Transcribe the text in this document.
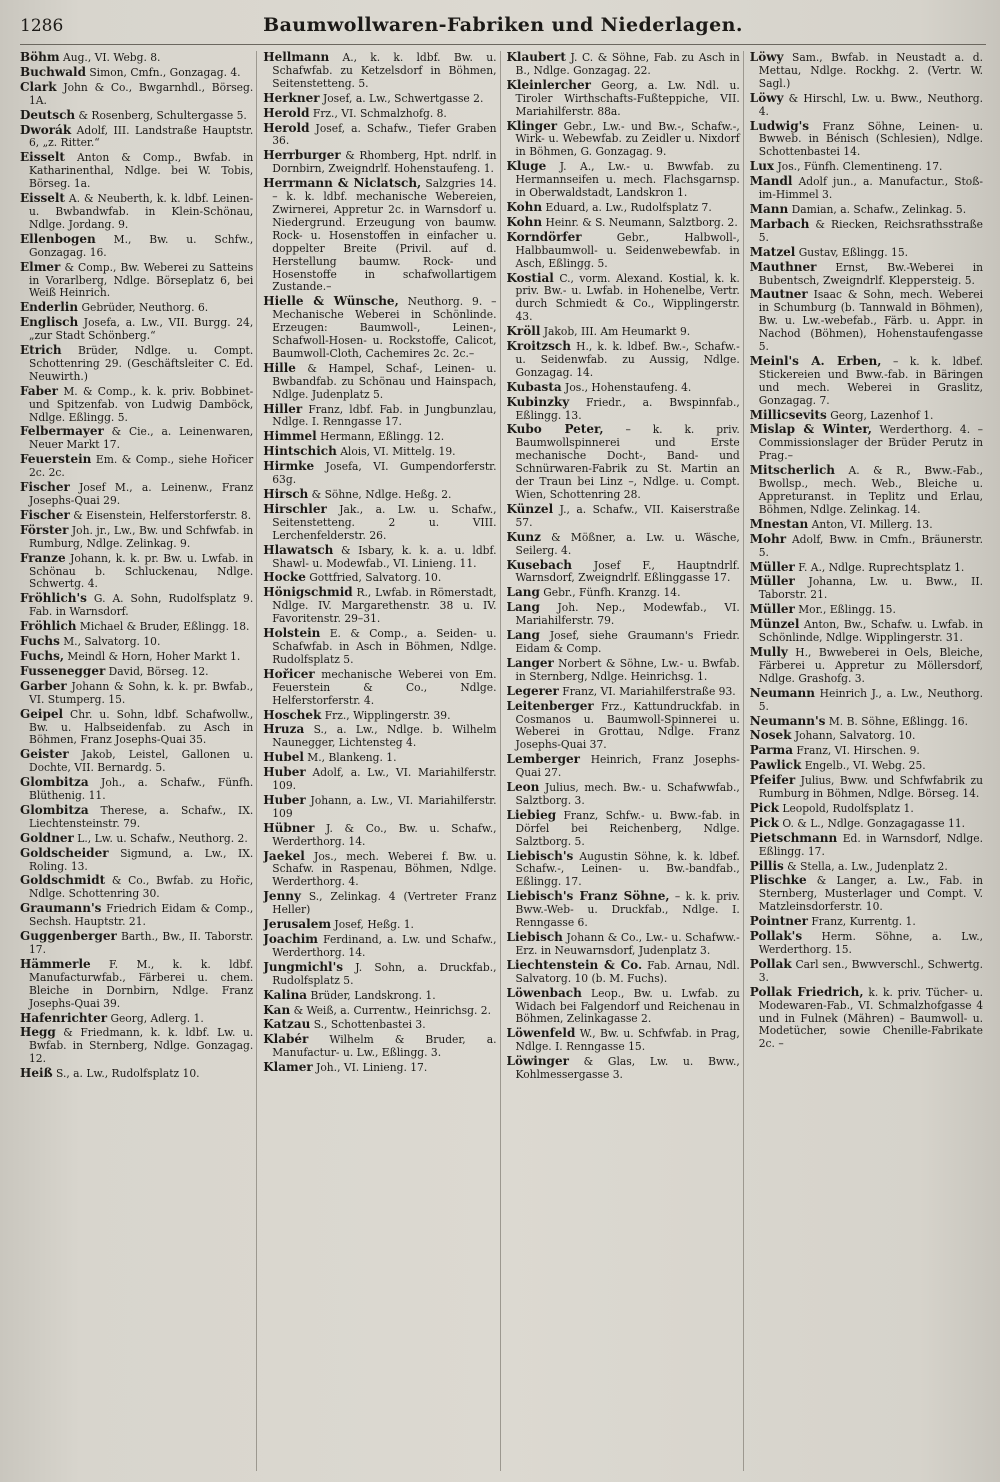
1286	Baumwollwaren-Fabriken und Niederlagen.

Böhm Aug., VI. Webg. 8.

Buchwald Simon, Cmfn., Gonzagag. 4.

Clark John & Co., Bwgarnhdl., Börseg. 1A.

Deutsch & Rosenberg, Schultergasse 5.

Dworák Adolf, III. Landstraße Hauptstr. 6, „z. Ritter.“

Eisselt Anton & Comp., Bwfab. in Katharinenthal, Ndlge. bei W. Tobis, Börseg. 1a.

Eisselt A. & Neuberth, k. k. ldbf. Leinen- u. Bwbandwfab. in Klein-Schönau, Ndlge. Jordang. 9.

Ellenbogen M., Bw. u. Schfw., Gonzagag. 16.

Elmer & Comp., Bw. Weberei zu Satteins in Vorarlberg, Ndlge. Börseplatz 6, bei Weiß Heinrich.

Enderlin Gebrüder, Neuthorg. 6.

Englisch Josefa, a. Lw., VII. Burgg. 24, „zur Stadt Schönberg.“

Etrich Brüder, Ndlge. u. Compt. Schottenring 29. (Geschäftsleiter C. Ed. Neuwirth.)

Faber M. & Comp., k. k. priv. Bobbinet- und Spitzenfab. von Ludwig Damböck, Ndlge. Eßlingg. 5.

Felbermayer & Cie., a. Leinenwaren, Neuer Markt 17.

Feuerstein Em. & Comp., siehe Hořicer 2c. 2c.

Fischer Josef M., a. Leinenw., Franz Josephs-Quai 29.

Fischer & Eisenstein, Helferstorferstr. 8.

Förster Joh. jr., Lw., Bw. und Schfwfab. in Rumburg, Ndlge. Zelinkag. 9.

Franze Johann, k. k. pr. Bw. u. Lwfab. in Schönau b. Schluckenau, Ndlge. Schwertg. 4.

Fröhlich's G. A. Sohn, Rudolfsplatz 9. Fab. in Warnsdorf.

Fröhlich Michael & Bruder, Eßlingg. 18.

Fuchs M., Salvatorg. 10.

Fuchs, Meindl & Horn, Hoher Markt 1.

Fussenegger David, Börseg. 12.

Garber Johann & Sohn, k. k. pr. Bwfab., VI. Stumperg. 15.

Geipel Chr. u. Sohn, ldbf. Schafwollw., Bw. u. Halbseidenfab. zu Asch in Böhmen, Franz Josephs-Quai 35.

Geister Jakob, Leistel, Gallonen u. Dochte, VII. Bernardg. 5.

Glombitza Joh., a. Schafw., Fünfh. Blüthenig. 11.

Glombitza Therese, a. Schafw., IX. Liechtensteinstr. 79.

Goldner L., Lw. u. Schafw., Neuthorg. 2.

Goldscheider Sigmund, a. Lw., IX. Roling. 13.

Goldschmidt & Co., Bwfab. zu Hořic, Ndlge. Schottenring 30.

Graumann's Friedrich Eidam & Comp., Sechsh. Hauptstr. 21.

Guggenberger Barth., Bw., II. Taborstr. 17.

Hämmerle F. M., k. k. ldbf. Manufacturwfab., Färberei u. chem. Bleiche in Dornbirn, Ndlge. Franz Josephs-Quai 39.

Hafenrichter Georg, Adlerg. 1.

Hegg & Friedmann, k. k. ldbf. Lw. u. Bwfab. in Sternberg, Ndlge. Gonzagag. 12.

Heiß S., a. Lw., Rudolfsplatz 10.

Hellmann A., k. k. ldbf. Bw. u. Schafwfab. zu Ketzelsdorf in Böhmen, Seitenstetteng. 5.

Herkner Josef, a. Lw., Schwertgasse 2.

Herold Frz., VI. Schmalzhofg. 8.

Herold Josef, a. Schafw., Tiefer Graben 36.

Herrburger & Rhomberg, Hpt. ndrlf. in Dornbirn, Zweigndrlf. Hohenstaufeng. 1.

Herrmann & Niclatsch, Salzgries 14. – k. k. ldbf. mechanische Webereien, Zwirnerei, Appretur 2c. in Warnsdorf u. Niedergrund. Erzeugung von baumw. Rock- u. Hosenstoffen in einfacher u. doppelter Breite (Privil. auf d. Herstellung baumw. Rock- und Hosenstoffe in schafwollartigem Zustande.–

Hielle & Wünsche, Neuthorg. 9. – Mechanische Weberei in Schönlinde. Erzeugen: Baumwoll-, Leinen-, Schafwoll-Hosen- u. Rockstoffe, Calicot, Baumwoll-Cloth, Cachemires 2c. 2c.–

Hille & Hampel, Schaf-, Leinen- u. Bwbandfab. zu Schönau und Hainspach, Ndlge. Judenplatz 5.

Hiller Franz, ldbf. Fab. in Jungbunzlau, Ndlge. I. Renngasse 17.

Himmel Hermann, Eßlingg. 12.

Hintschich Alois, VI. Mittelg. 19.

Hirmke Josefa, VI. Gumpendorferstr. 63g.

Hirsch & Söhne, Ndlge. Heßg. 2.

Hirschler Jak., a. Lw. u. Schafw., Seitenstetteng. 2 u. VIII. Lerchenfelderstr. 26.

Hlawatsch & Isbary, k. k. a. u. ldbf. Shawl- u. Modewfab., VI. Linieng. 11.

Hocke Gottfried, Salvatorg. 10.

Hönigschmid R., Lwfab. in Römerstadt, Ndlge. IV. Margarethenstr. 38 u. IV. Favoritenstr. 29–31.

Holstein E. & Comp., a. Seiden- u. Schafwfab. in Asch in Böhmen, Ndlge. Rudolfsplatz 5.

Hořicer mechanische Weberei von Em. Feuerstein & Co., Ndlge. Helferstorferstr. 4.

Hoschek Frz., Wipplingerstr. 39.

Hruza S., a. Lw., Ndlge. b. Wilhelm Naunegger, Lichtensteg 4.

Hubel M., Blankeng. 1.

Huber Adolf, a. Lw., VI. Mariahilferstr. 109.

Huber Johann, a. Lw., VI. Mariahilferstr. 109

Hübner J. & Co., Bw. u. Schafw., Werderthorg. 14.

Jaekel Jos., mech. Weberei f. Bw. u. Schafw. in Raspenau, Böhmen, Ndlge. Werderthorg. 4.

Jenny S., Zelinkag. 4 (Vertreter Franz Heller)

Jerusalem Josef, Heßg. 1.

Joachim Ferdinand, a. Lw. und Schafw., Werderthorg. 14.

Jungmichl's J. Sohn, a. Druckfab., Rudolfsplatz 5.

Kalina Brüder, Landskrong. 1.

Kan & Weiß, a. Currentw., Heinrichsg. 2.

Katzau S., Schottenbastei 3.

Klabér Wilhelm & Bruder, a. Manufactur- u. Lw., Eßlingg. 3.

Klamer Joh., VI. Linieng. 17.

Klaubert J. C. & Söhne, Fab. zu Asch in B., Ndlge. Gonzagag. 22.

Kleinlercher Georg, a. Lw. Ndl. u. Tiroler Wirthschafts-Fußteppiche, VII. Mariahilferstr. 88a.

Klinger Gebr., Lw.- und Bw.-, Schafw.-, Wirk- u. Webewfab. zu Zeidler u. Nixdorf in Böhmen, G. Gonzagag. 9.

Kluge J. A., Lw.- u. Bwwfab. zu Hermannseifen u. mech. Flachsgarnsp. in Oberwaldstadt, Landskron 1.

Kohn Eduard, a. Lw., Rudolfsplatz 7.

Kohn Heinr. & S. Neumann, Salztborg. 2.

Korndörfer Gebr., Halbwoll-, Halbbaumwoll- u. Seidenwebewfab. in Asch, Eßlingg. 5.

Kostial C., vorm. Alexand. Kostial, k. k. priv. Bw.- u. Lwfab. in Hohenelbe, Vertr. durch Schmiedt & Co., Wipplingerstr. 43.

Kröll Jakob, III. Am Heumarkt 9.

Kroitzsch H., k. k. ldbef. Bw.-, Schafw.- u. Seidenwfab. zu Aussig, Ndlge. Gonzagag. 14.

Kubasta Jos., Hohenstaufeng. 4.

Kubinzky Friedr., a. Bwspinnfab., Eßlingg. 13.

Kubo Peter, – k. k. priv. Baumwollspinnerei und Erste mechanische Docht-, Band- und Schnürwaren-Fabrik zu St. Martin an der Traun bei Linz –, Ndlge. u. Compt. Wien, Schottenring 28.

Künzel J., a. Schafw., VII. Kaiserstraße 57.

Kunz & Mößner, a. Lw. u. Wäsche, Seilerg. 4.

Kusebach Josef F., Hauptndrlf. Warnsdorf, Zweigndrlf. Eßlinggasse 17.

Lang Gebr., Fünfh. Kranzg. 14.

Lang Joh. Nep., Modewfab., VI. Mariahilferstr. 79.

Lang Josef, siehe Graumann's Friedr. Eidam & Comp.

Langer Norbert & Söhne, Lw.- u. Bwfab. in Sternberg, Ndlge. Heinrichsg. 1.

Legerer Franz, VI. Mariahilferstraße 93.

Leitenberger Frz., Kattundruckfab. in Cosmanos u. Baumwoll-Spinnerei u. Weberei in Grottau, Ndlge. Franz Josephs-Quai 37.

Lemberger Heinrich, Franz Josephs-Quai 27.

Leon Julius, mech. Bw.- u. Schafwwfab., Salztborg. 3.

Liebieg Franz, Schfw.- u. Bww.-fab. in Dörfel bei Reichenberg, Ndlge. Salztborg. 5.

Liebisch's Augustin Söhne, k. k. ldbef. Schafw.-, Leinen- u. Bw.-bandfab., Eßlingg. 17.

Liebisch's Franz Söhne, – k. k. priv. Bww.-Web- u. Druckfab., Ndlge. I. Renngasse 6.

Liebisch Johann & Co., Lw.- u. Schafww.-Erz. in Neuwarnsdorf, Judenplatz 3.

Liechtenstein & Co. Fab. Arnau, Ndl. Salvatorg. 10 (b. M. Fuchs).

Löwenbach Leop., Bw. u. Lwfab. zu Widach bei Falgendorf und Reichenau in Böhmen, Zelinkagasse 2.

Löwenfeld W., Bw. u. Schfwfab. in Prag, Ndlge. I. Renngasse 15.

Löwinger & Glas, Lw. u. Bww., Kohlmessergasse 3.

Löwy Sam., Bwfab. in Neustadt a. d. Mettau, Ndlge. Rockhg. 2. (Vertr. W. Sagl.)

Löwy & Hirschl, Lw. u. Bww., Neuthorg. 4.

Ludwig's Franz Söhne, Leinen- u. Bwweb. in Bénisch (Schlesien), Ndlge. Schottenbastei 14.

Lux Jos., Fünfh. Clementineng. 17.

Mandl Adolf jun., a. Manufactur., Stoß-im-Himmel 3.

Mann Damian, a. Schafw., Zelinkag. 5.

Marbach & Riecken, Reichsrathsstraße 5.

Matzel Gustav, Eßlingg. 15.

Mauthner Ernst, Bw.-Weberei in Bubentsch, Zweigndrlf. Kleppersteig. 5.

Mautner Isaac & Sohn, mech. Weberei in Schumburg (b. Tannwald in Böhmen), Bw. u. Lw.-webefab., Färb. u. Appr. in Nachod (Böhmen), Hohenstaufengasse 5.

Meinl's A. Erben, – k. k. ldbef. Stickereien und Bww.-fab. in Bäringen und mech. Weberei in Graslitz, Gonzagag. 7.

Millicsevits Georg, Lazenhof 1.

Mislap & Winter, Werderthorg. 4. – Commissionslager der Brüder Perutz in Prag.–

Mitscherlich A. & R., Bww.-Fab., Bwollsp., mech. Web., Bleiche u. Appreturanst. in Teplitz und Erlau, Böhmen, Ndlge. Zelinkag. 14.

Mnestan Anton, VI. Millerg. 13.

Mohr Adolf, Bww. in Cmfn., Bräunerstr. 5.

Müller F. A., Ndlge. Ruprechtsplatz 1.

Müller Johanna, Lw. u. Bww., II. Taborstr. 21.

Müller Mor., Eßlingg. 15.

Münzel Anton, Bw., Schafw. u. Lwfab. in Schönlinde, Ndlge. Wipplingerstr. 31.

Mully H., Bwweberei in Oels, Bleiche, Färberei u. Appretur zu Möllersdorf, Ndlge. Grashofg. 3.

Neumann Heinrich J., a. Lw., Neuthorg. 5.

Neumann's M. B. Söhne, Eßlingg. 16.

Nosek Johann, Salvatorg. 10.

Parma Franz, VI. Hirschen. 9.

Pawlick Engelb., VI. Webg. 25.

Pfeifer Julius, Bww. und Schfwfabrik zu Rumburg in Böhmen, Ndlge. Börseg. 14.

Pick Leopold, Rudolfsplatz 1.

Pick O. & L., Ndlge. Gonzagagasse 11.

Pietschmann Ed. in Warnsdorf, Ndlge. Eßlingg. 17.

Pillis & Stella, a. Lw., Judenplatz 2.

Plischke & Langer, a. Lw., Fab. in Sternberg, Musterlager und Compt. V. Matzleinsdorferstr. 10.

Pointner Franz, Kurrentg. 1.

Pollak's Herm. Söhne, a. Lw., Werderthorg. 15.

Pollak Carl sen., Bwwverschl., Schwertg. 3.

Pollak Friedrich, k. k. priv. Tücher- u. Modewaren-Fab., VI. Schmalzhofgasse 4 und in Fulnek (Mähren) – Baumwoll- u. Modetücher, sowie Chenille-Fabrikate 2c. –
